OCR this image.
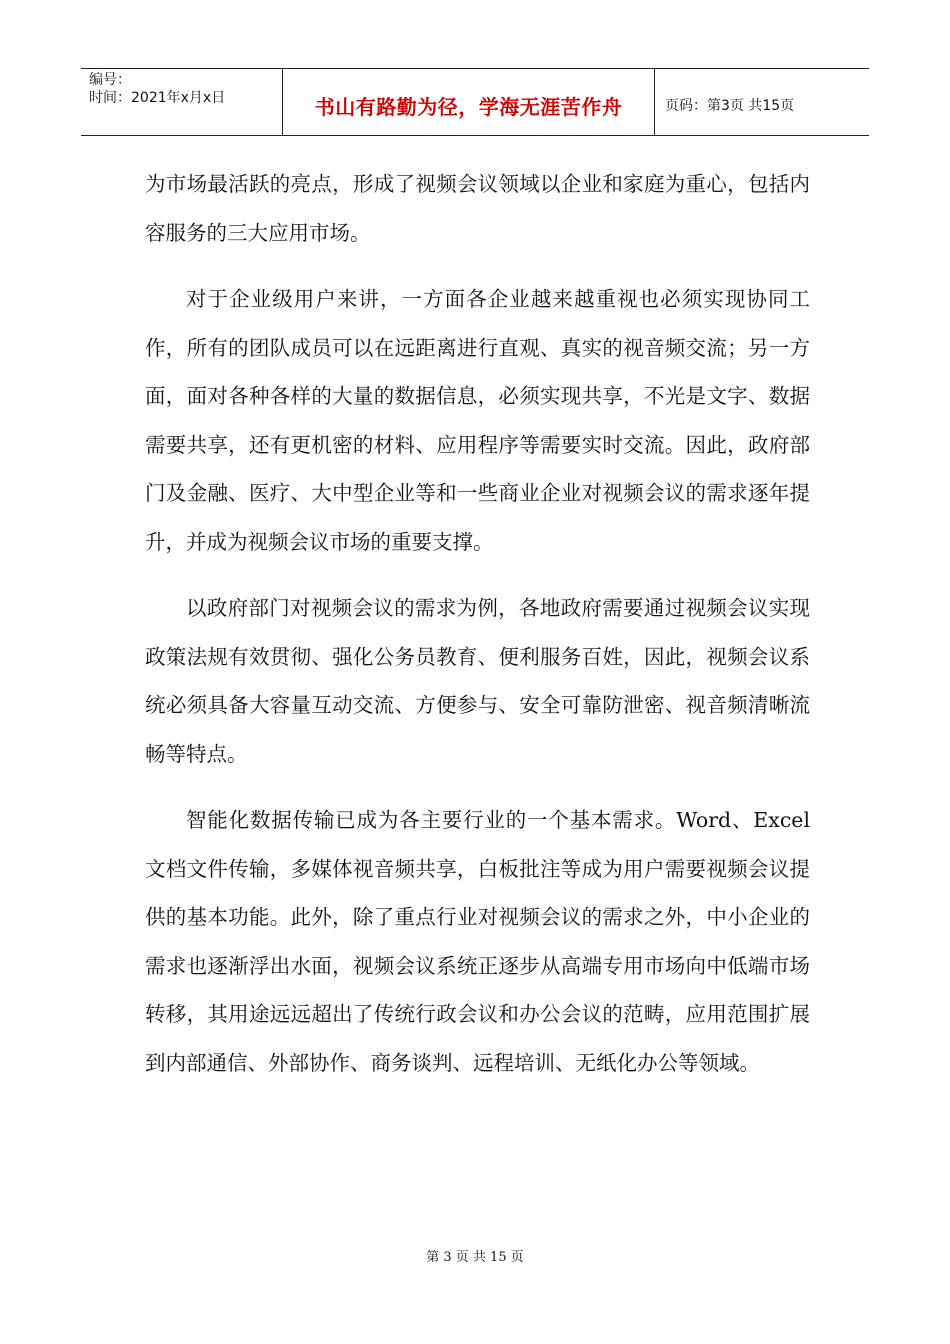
编号：
时间：2021年x月x日	书山有路勤为径，学海无涯苦作舟	页码：第3页 共15页

为市场最活跃的亮点，形成了视频会议领域以企业和家庭为重心，包括内容服务的三大应用市场。

对于企业级用户来讲，一方面各企业越来越重视也必须实现协同工作，所有的团队成员可以在远距离进行直观、真实的视音频交流；另一方面，面对各种各样的大量的数据信息，必须实现共享，不光是文字、数据需要共享，还有更机密的材料、应用程序等需要实时交流。因此，政府部门及金融、医疗、大中型企业等和一些商业企业对视频会议的需求逐年提升，并成为视频会议市场的重要支撑。

以政府部门对视频会议的需求为例，各地政府需要通过视频会议实现政策法规有效贯彻、强化公务员教育、便利服务百姓，因此，视频会议系统必须具备大容量互动交流、方便参与、安全可靠防泄密、视音频清晰流畅等特点。

智能化数据传输已成为各主要行业的一个基本需求。Word、Excel文档文件传输，多媒体视音频共享，白板批注等成为用户需要视频会议提供的基本功能。此外，除了重点行业对视频会议的需求之外，中小企业的需求也逐渐浮出水面，视频会议系统正逐步从高端专用市场向中低端市场转移，其用途远远超出了传统行政会议和办公会议的范畴，应用范围扩展到内部通信、外部协作、商务谈判、远程培训、无纸化办公等领域。

第 3 页 共 15 页
